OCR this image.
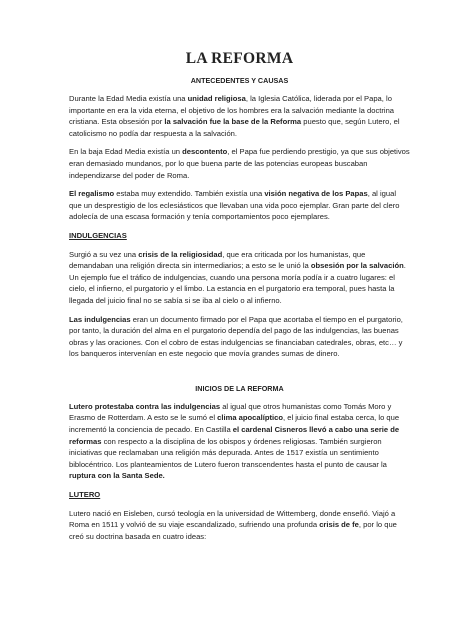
LA REFORMA
ANTECEDENTES Y CAUSAS

Durante la Edad Media existía una unidad religiosa, la Iglesia Católica, liderada por el Papa, lo importante en era la vida eterna, el objetivo de los hombres era la salvación mediante la doctrina cristiana. Esta obsesión por la salvación fue la base de la Reforma puesto que, según Lutero, el catolicismo no podía dar respuesta a la salvación.

En la baja Edad Media existía un descontento, el Papa fue perdiendo prestigio, ya que sus objetivos eran demasiado mundanos, por lo que buena parte de las potencias europeas buscaban independizarse del poder de Roma.

El regalismo estaba muy extendido. También existía una visión negativa de los Papas, al igual que un desprestigio de los eclesiásticos que llevaban una vida poco ejemplar. Gran parte del clero adolecía de una escasa formación y tenía comportamientos poco ejemplares.

INDULGENCIAS

Surgió a su vez una crisis de la religiosidad, que era criticada por los humanistas, que demandaban una religión directa sin intermediarios; a esto se le unió la obsesión por la salvación. Un ejemplo fue el tráfico de indulgencias, cuando una persona moría podía ir a cuatro lugares: el cielo, el infierno, el purgatorio y el limbo. La estancia en el purgatorio era temporal, pues hasta la llegada del juicio final no se sabía si se iba al cielo o al infierno.

Las indulgencias eran un documento firmado por el Papa que acortaba el tiempo en el purgatorio, por tanto, la duración del alma en el purgatorio dependía del pago de las indulgencias, las buenas obras y las oraciones. Con el cobro de estas indulgencias se financiaban catedrales, obras, etc… y los banqueros intervenían en este negocio que movía grandes sumas de dinero.

INICIOS DE LA REFORMA

Lutero protestaba contra las indulgencias al igual que otros humanistas como Tomás Moro y Erasmo de Rotterdam. A esto se le sumó el clima apocalíptico, el juicio final estaba cerca, lo que incrementó la conciencia de pecado. En Castilla el cardenal Cisneros llevó a cabo una serie de reformas con respecto a la disciplina de los obispos y órdenes religiosas. También surgieron iniciativas que reclamaban una religión más depurada. Antes de 1517 existía un sentimiento biblocéntrico. Los planteamientos de Lutero fueron transcendentes hasta el punto de causar la ruptura con la Santa Sede.

LUTERO

Lutero nació en Eisleben, cursó teología en la universidad de Wittemberg, donde enseñó. Viajó a Roma en 1511 y volvió de su viaje escandalizado, sufriendo una profunda crisis de fe, por lo que creó su doctrina basada en cuatro ideas:
